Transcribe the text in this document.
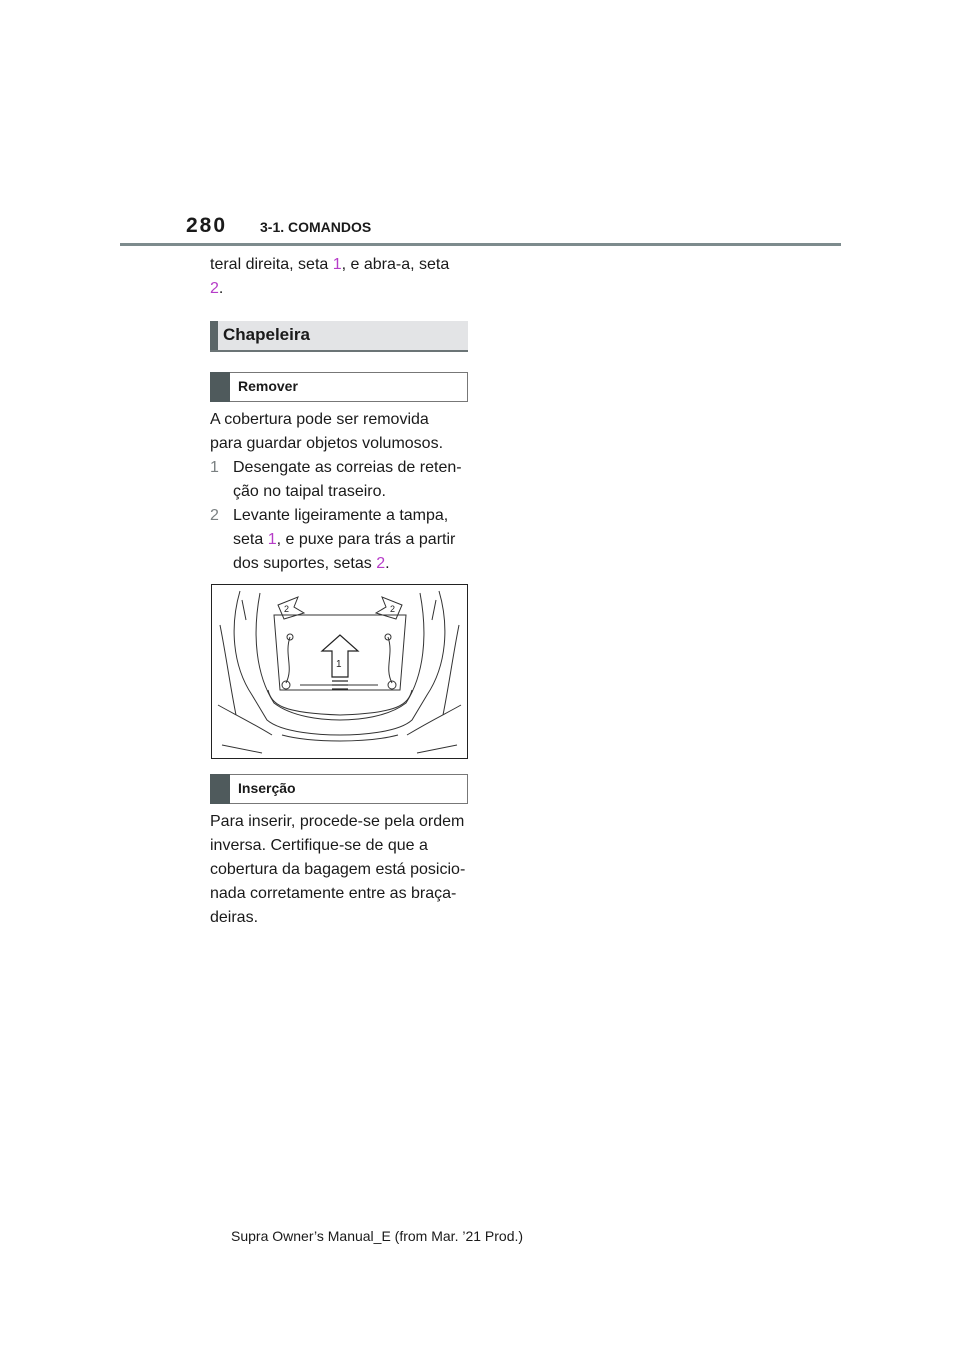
280 3-1. COMANDOS
teral direita, seta 1, e abra-a, seta
2.
Chapeleira
Remover
A cobertura pode ser removida
para guardar objetos volumosos.
1 Desengate as correias de reten-
ção no taipal traseiro.
2 Levante ligeiramente a tampa,
seta 1, e puxe para trás a partir
dos suportes, setas 2.
1
2	2
Inserção
Para inserir, procede-se pela ordem
inversa. Certifique-se de que a
cobertura da bagagem está posicio-
nada corretamente entre as braça-
deiras.
Supra Owner’s Manual_E (from Mar. ’21 Prod.)
